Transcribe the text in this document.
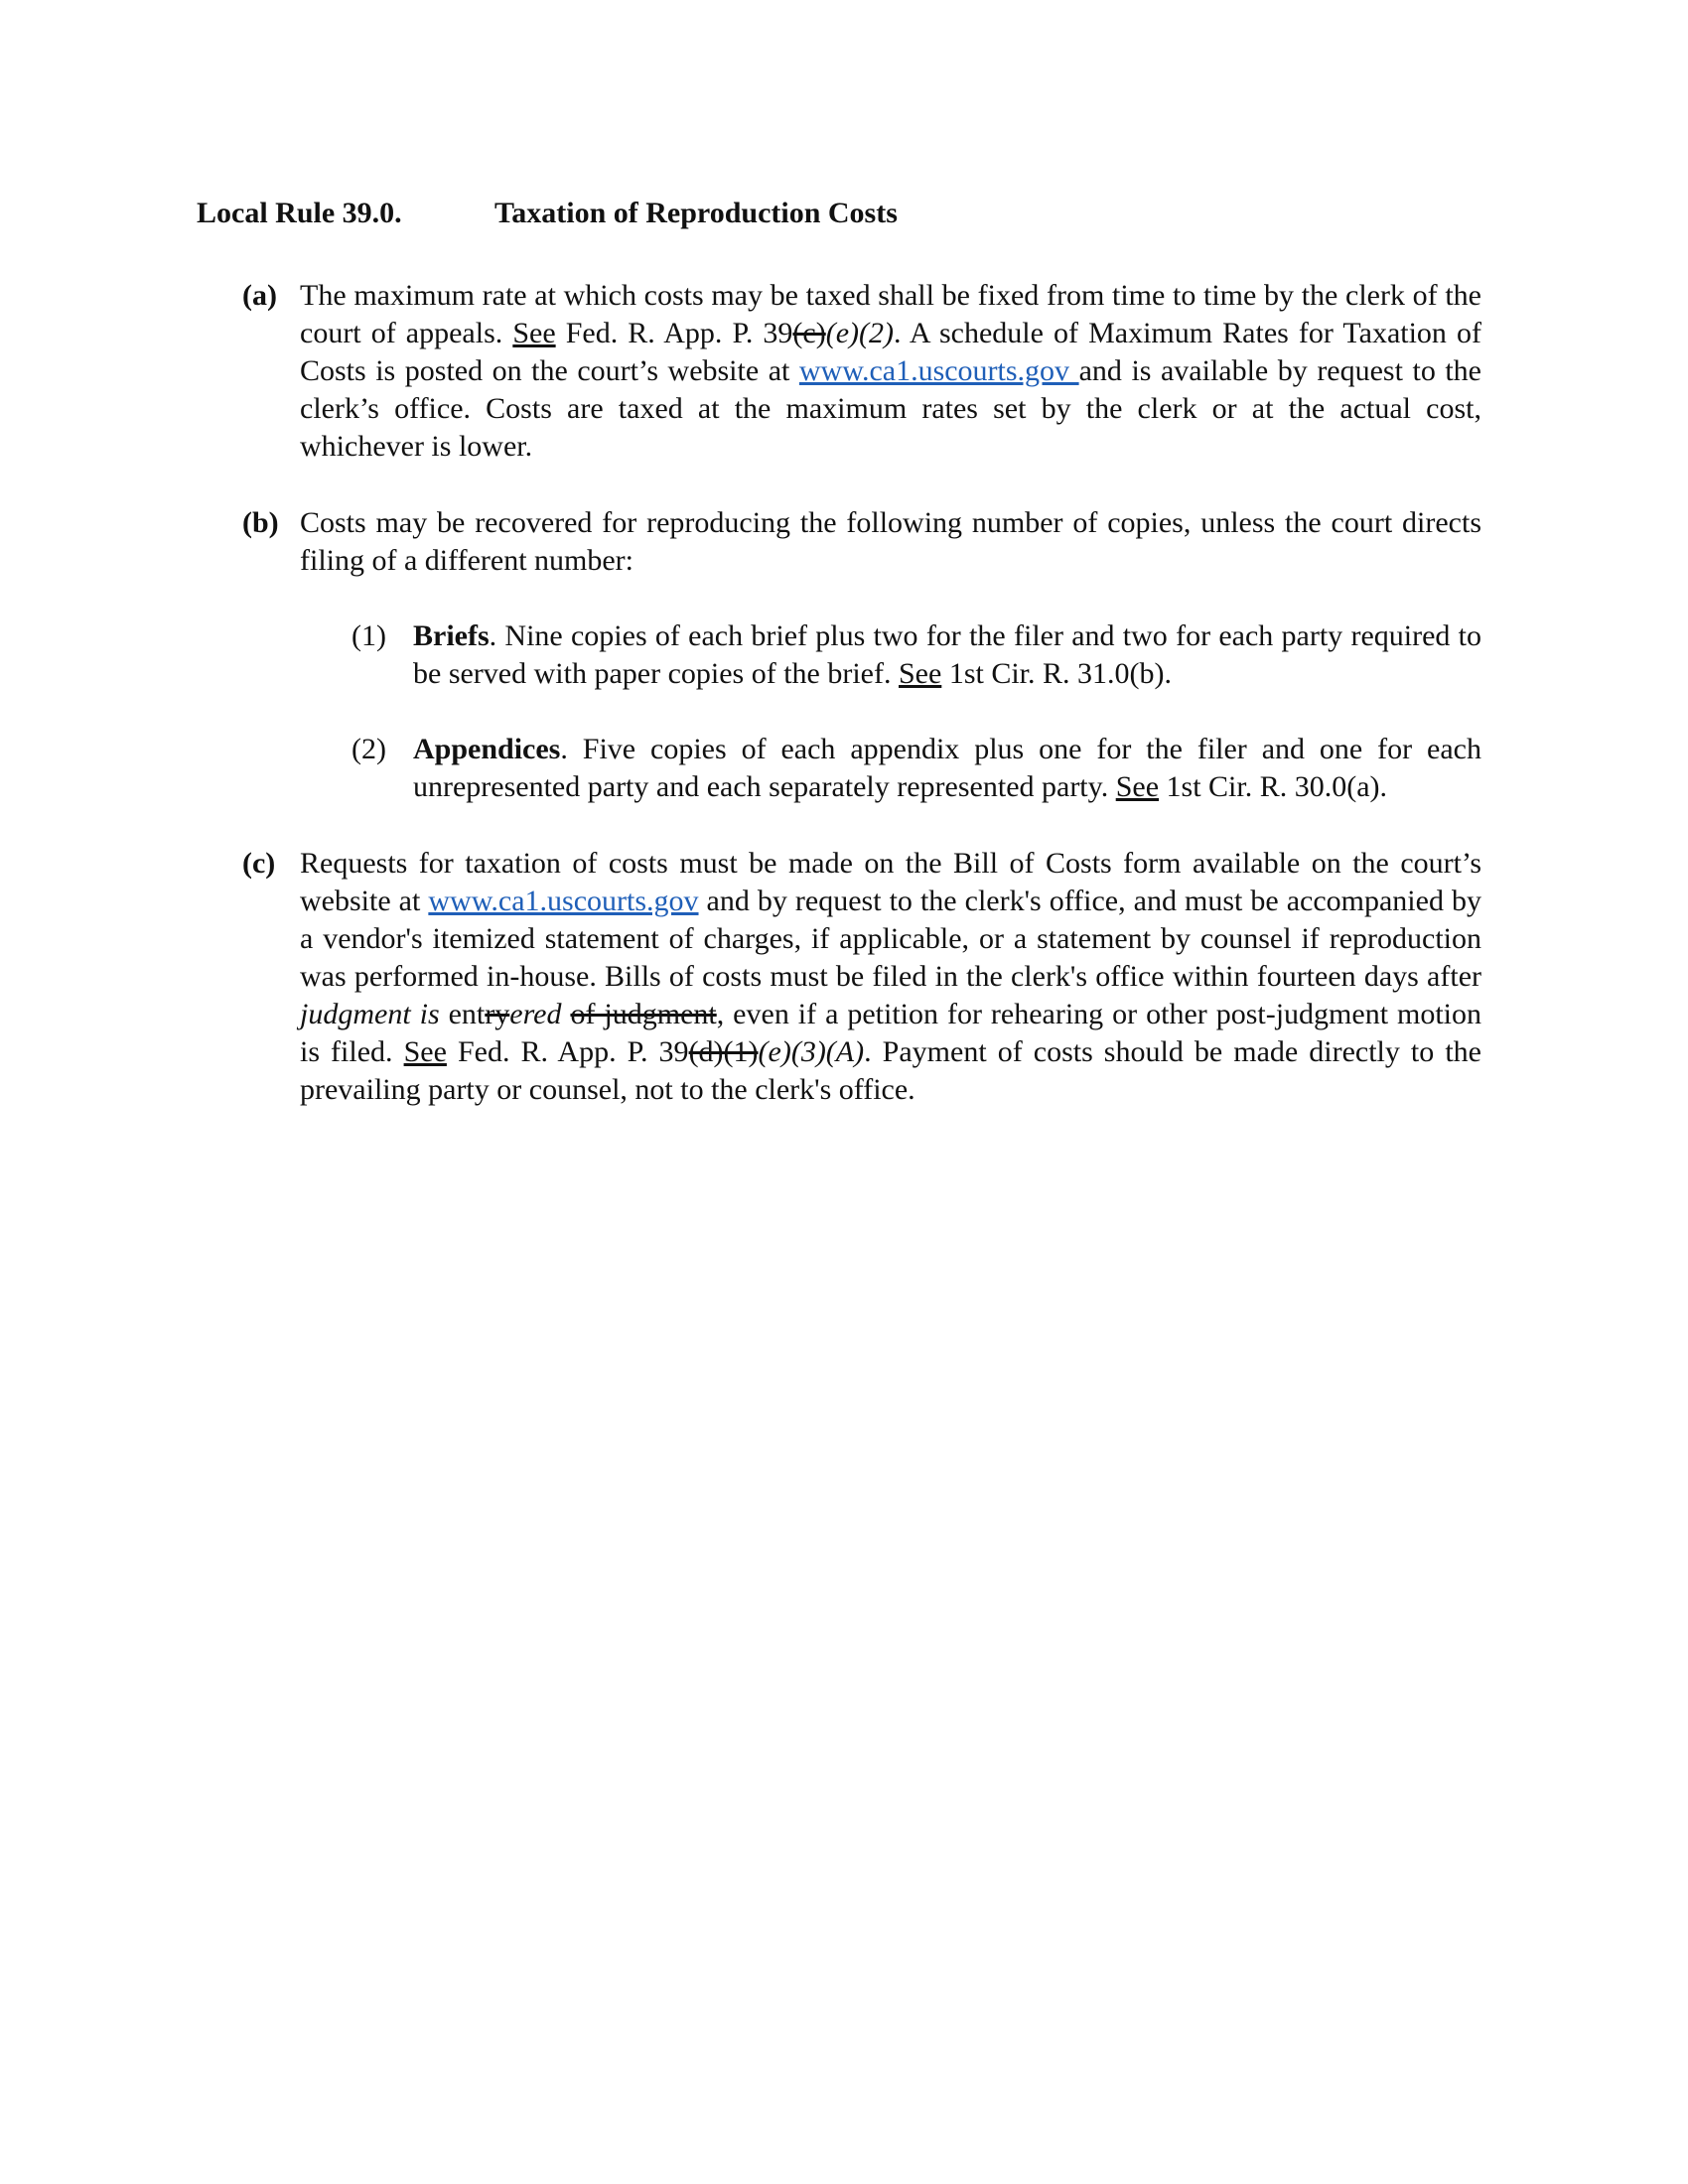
Local Rule 39.0.	Taxation of Reproduction Costs
(a) The maximum rate at which costs may be taxed shall be fixed from time to time by the clerk of the court of appeals. See Fed. R. App. P. 39(c)(e)(2). A schedule of Maximum Rates for Taxation of Costs is posted on the court’s website at www.ca1.uscourts.gov and is available by request to the clerk’s office. Costs are taxed at the maximum rates set by the clerk or at the actual cost, whichever is lower.
(b) Costs may be recovered for reproducing the following number of copies, unless the court directs filing of a different number:
(1) Briefs. Nine copies of each brief plus two for the filer and two for each party required to be served with paper copies of the brief. See 1st Cir. R. 31.0(b).
(2) Appendices. Five copies of each appendix plus one for the filer and one for each unrepresented party and each separately represented party. See 1st Cir. R. 30.0(a).
(c) Requests for taxation of costs must be made on the Bill of Costs form available on the court’s website at www.ca1.uscourts.gov and by request to the clerk's office, and must be accompanied by a vendor's itemized statement of charges, if applicable, or a statement by counsel if reproduction was performed in-house. Bills of costs must be filed in the clerk's office within fourteen days after judgment is entryered of judgment, even if a petition for rehearing or other post-judgment motion is filed. See Fed. R. App. P. 39(d)(1)(e)(3)(A). Payment of costs should be made directly to the prevailing party or counsel, not to the clerk's office.
